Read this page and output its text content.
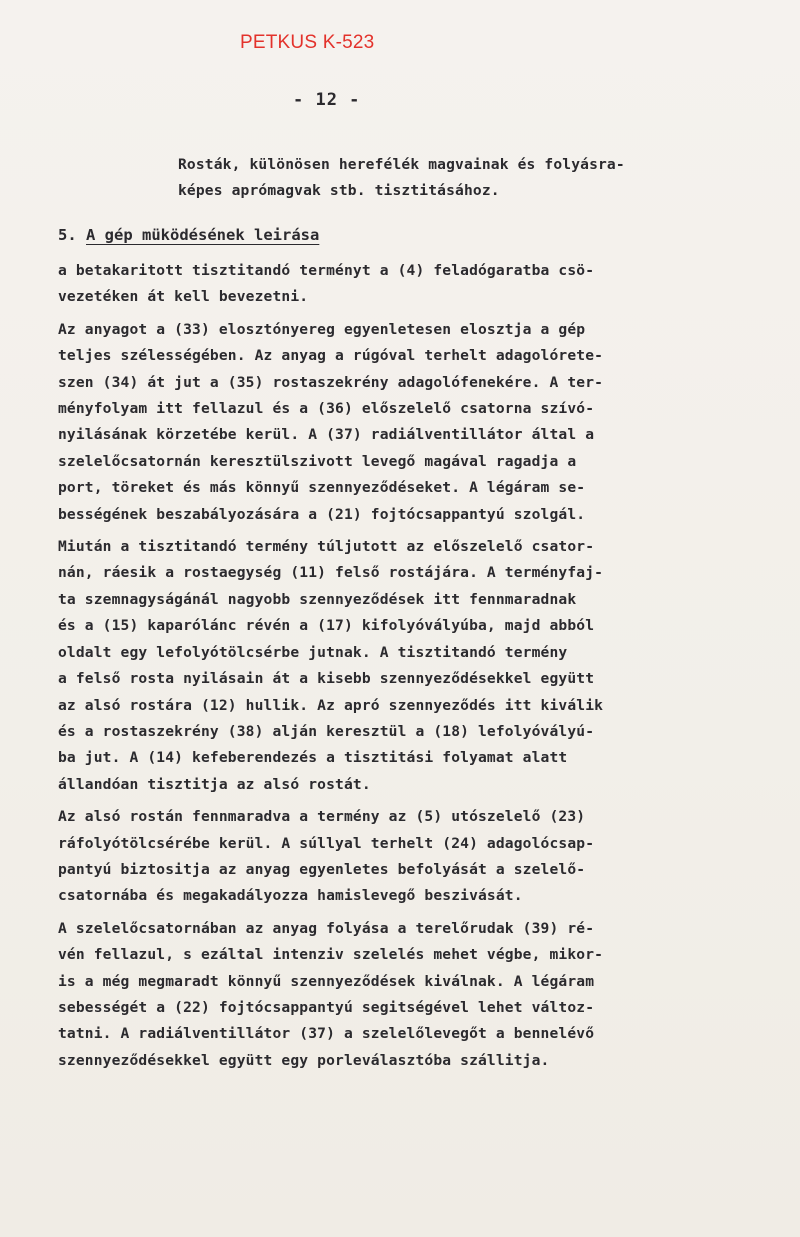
PETKUS K-523
- 12 -
Rosták, különösen herefélék magvainak és folyásra-
képes aprómagvak stb. tisztitásához.
5. A gép müködésének leirása
a betakaritott tisztitandó terményt a (4) feladógaratba csö-
vezetéken át kell bevezetni.
Az anyagot a (33) elosztónyereg egyenletesen elosztja a gép
teljes szélességében. Az anyag a rúgóval terhelt adagolórete-
szen (34) át jut a (35) rostaszekrény adagolófenekére. A ter-
ményfolyam itt fellazul és a (36) előszelelő csatorna szívó-
nyilásának körzetébe kerül. A (37) radiálventillátor által a
szelelőcsatornán keresztülszivott levegő magával ragadja a
port, töreket és más könnyű szennyeződéseket. A légáram se-
bességének beszabályozására a (21) fojtócsappantyú szolgál.
Miután a tisztitandó termény túljutott az előszelelő csator-
nán, ráesik a rostaegység (11) felső rostájára. A terményfaj-
ta szemnagyságánál nagyobb szennyeződések itt fennmaradnak
és a (15) kaparólánc révén a (17) kifolyóvályúba, majd abból
oldalt egy lefolyótölcsérbe jutnak. A tisztitandó termény
a felső rosta nyilásain át a kisebb szennyeződésekkel együtt
az alsó rostára (12) hullik. Az apró szennyeződés itt kiválik
és a rostaszekrény (38) alján keresztül a (18) lefolyóvályú-
ba jut. A (14) kefeberendezés a tisztitási folyamat alatt
állandóan tisztitja az alsó rostát.
Az alsó rostán fennmaradva a termény az (5) utószelelő (23)
ráfolyótölcsérébe kerül. A súllyal terhelt (24) adagolócsap-
pantyú biztositja az anyag egyenletes befolyását a szelelő-
csatornába és megakadályozza hamislevegő beszivását.
A szelelőcsatornában az anyag folyása a terelőrudak (39) ré-
vén fellazul, s ezáltal intenziv szelelés mehet végbe, mikor-
is a még megmaradt könnyű szennyeződések kiválnak. A légáram
sebességét a (22) fojtócsappantyú segitségével lehet változ-
tatni. A radiálventillátor (37) a szelelőlevegőt a bennelévő
szennyeződésekkel együtt egy porleválasztóba szállitja.
